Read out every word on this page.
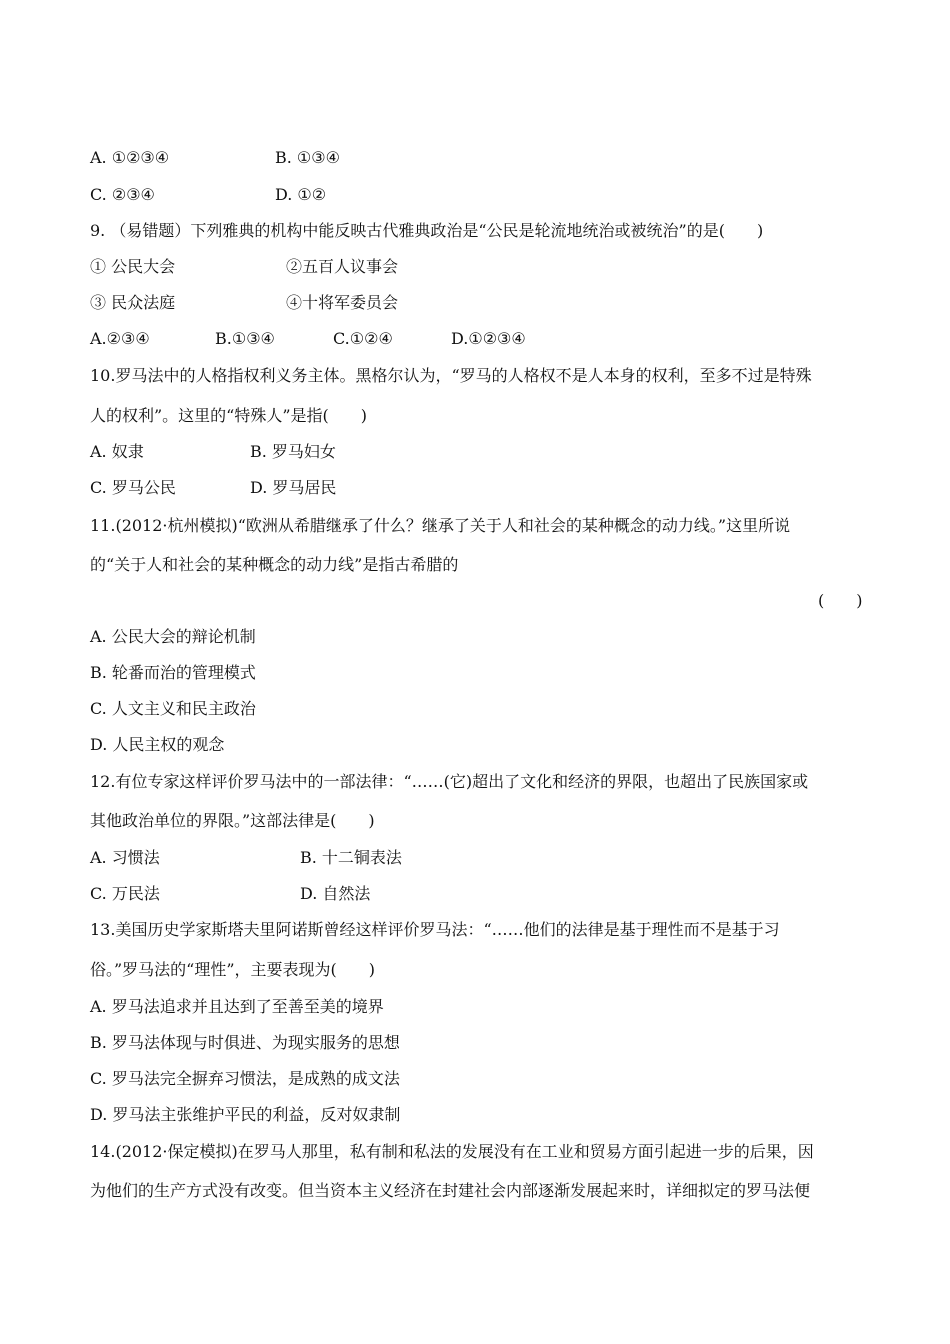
A. ①②③④	B. ①③④
C. ②③④	D. ①②
9. （易错题）下列雅典的机构中能反映古代雅典政治是“公民是轮流地统治或被统治”的是(　　)
① 公民大会	②五百人议事会
③ 民众法庭	④十将军委员会
A.②③④	B.①③④	C.①②④	D.①②③④
10.罗马法中的人格指权利义务主体。黑格尔认为，“罗马的人格权不是人本身的权利，至多不过是特殊
人的权利”。这里的“特殊人”是指(　　)
A. 奴隶	B. 罗马妇女
C. 罗马公民	D. 罗马居民
11.(2012·杭州模拟)“欧洲从希腊继承了什么？继承了关于人和社会的某种概念的动力线。”这里所说
的“关于人和社会的某种概念的动力线”是指古希腊的
(　　)
A. 公民大会的辩论机制
B. 轮番而治的管理模式
C. 人文主义和民主政治
D. 人民主权的观念
12.有位专家这样评价罗马法中的一部法律：“……(它)超出了文化和经济的界限，也超出了民族国家或
其他政治单位的界限。”这部法律是(　　)
A. 习惯法	B. 十二铜表法
C. 万民法	D. 自然法
13.美国历史学家斯塔夫里阿诺斯曾经这样评价罗马法：“……他们的法律是基于理性而不是基于习
俗。”罗马法的“理性”，主要表现为(　　)
A. 罗马法追求并且达到了至善至美的境界
B. 罗马法体现与时俱进、为现实服务的思想
C. 罗马法完全摒弃习惯法，是成熟的成文法
D. 罗马法主张维护平民的利益，反对奴隶制
14.(2012·保定模拟)在罗马人那里，私有制和私法的发展没有在工业和贸易方面引起进一步的后果，因
为他们的生产方式没有改变。但当资本主义经济在封建社会内部逐渐发展起来时，详细拟定的罗马法便
